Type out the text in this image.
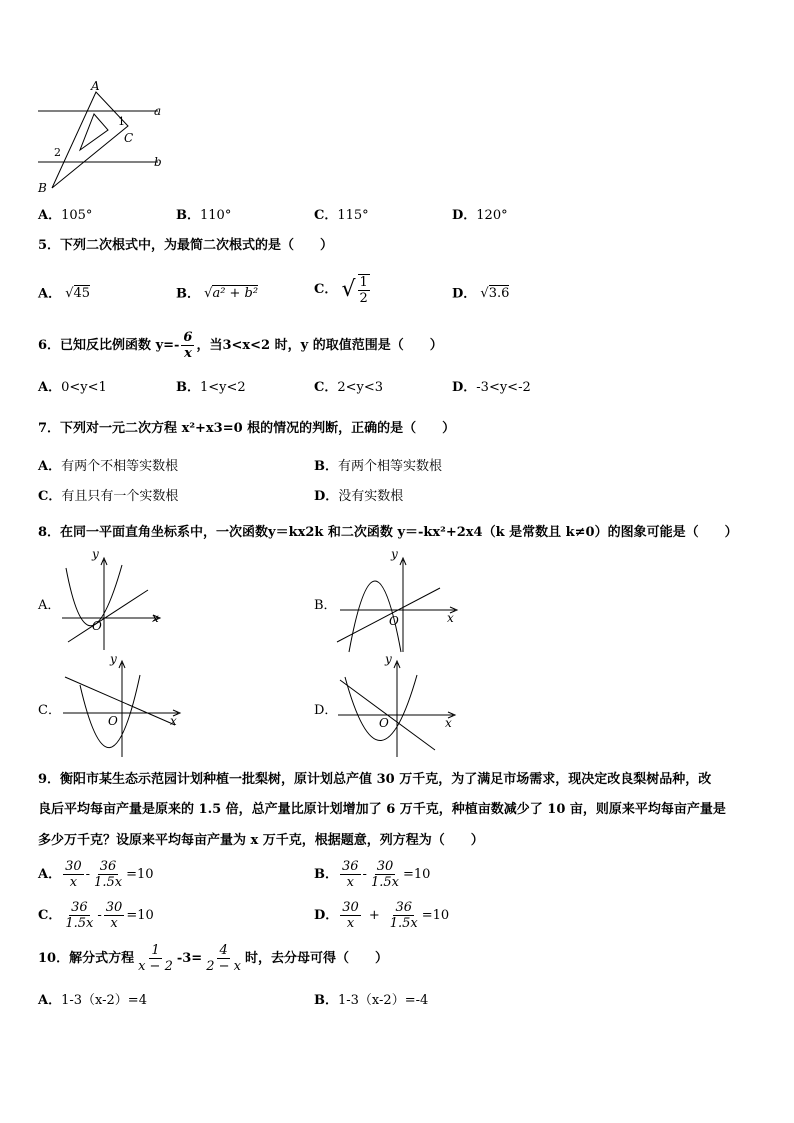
A
B
C
1
2
a
b
A．105°	B．110°	C．115°	D．120°
5．下列二次根式中，为最简二次根式的是（　　）
A． √45	B． √a² + b²	C． √ $\frac{1}{2}$	D． √3.6
6．已知反比例函数 $y=- \frac{6}{x}$ ，当3<x<2 时，y 的取值范围是（　　）
A．0<y<1	B．1<y<2	C．2<y<3	D．-3<y<-2
7．下列对一元二次方程 x²+x3=0 根的情况的判断，正确的是（　　）
A．有两个不相等实数根	B．有两个相等实数根
C．有且只有一个实数根	D．没有实数根
8．在同一平面直角坐标系中，一次函数y＝kx2k 和二次函数 y＝-kx²+2x4（k 是常数且 k≠0）的图象可能是（　　）
A．
y
x
O
B．
y
x
O
C．
y
x
O
D．
y
x
O
9．衡阳市某生态示范园计划种植一批梨树，原计划总产值 30 万千克，为了满足市场需求，现决定改良梨树品种，改
良后平均每亩产量是原来的 1.5 倍，总产量比原计划增加了 6 万千克，种植亩数减少了 10 亩，则原来平均每亩产量是
多少万千克？设原来平均每亩产量为 x 万千克，根据题意，列方程为（　　）
A． $\frac{30}{x} - \frac{36}{1.5x} =10$	B． $\frac{36}{x} - \frac{30}{1.5x} =10$
C． $\frac{36}{1.5x} - \frac{30}{x} =10$	D． $\frac{30}{x} + \frac{36}{1.5x} =10$
10．解分式方程 $\frac{1}{x - 2} -3= \frac{4}{2 - x}$ 时，去分母可得（　　）
A．1-3（x-2）=4	B．1-3（x-2）=-4
